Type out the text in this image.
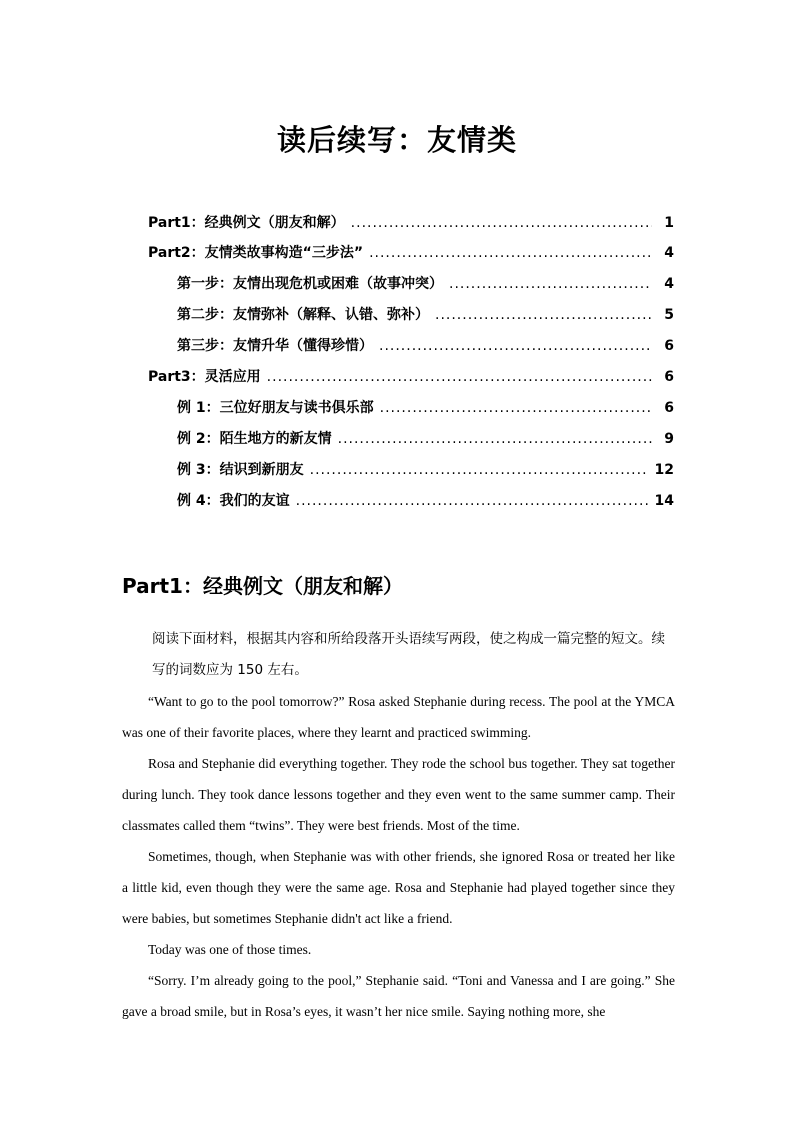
读后续写：友情类
Part1：经典例文（朋友和解） .....	1
Part2：友情类故事构造“三步法” .....	4
第一步：友情出现危机或困难（故事冲突） .....	4
第二步：友情弥补（解释、认错、弥补） .....	5
第三步：友情升华（懂得珍惜） .....	6
Part3：灵活应用 .....	6
例 1：三位好朋友与读书俱乐部 .....	6
例 2：陌生地方的新友情 .....	9
例 3：结识到新朋友 .....	12
例 4：我们的友谊 .....	14
Part1：经典例文（朋友和解）
阅读下面材料，根据其内容和所给段落开头语续写两段，使之构成一篇完整的短文。续写的词数应为 150 左右。

“Want to go to the pool tomorrow?” Rosa asked Stephanie during recess. The pool at the YMCA was one of their favorite places, where they learnt and practiced swimming.

Rosa and Stephanie did everything together. They rode the school bus together. They sat together during lunch. They took dance lessons together and they even went to the same summer camp. Their classmates called them “twins”. They were best friends. Most of the time.

Sometimes, though, when Stephanie was with other friends, she ignored Rosa or treated her like a little kid, even though they were the same age. Rosa and Stephanie had played together since they were babies, but sometimes Stephanie didn't act like a friend.

Today was one of those times.

“Sorry. I’m already going to the pool,” Stephanie said. “Toni and Vanessa and I are going.” She gave a broad smile, but in Rosa’s eyes, it wasn’t her nice smile. Saying nothing more, she
